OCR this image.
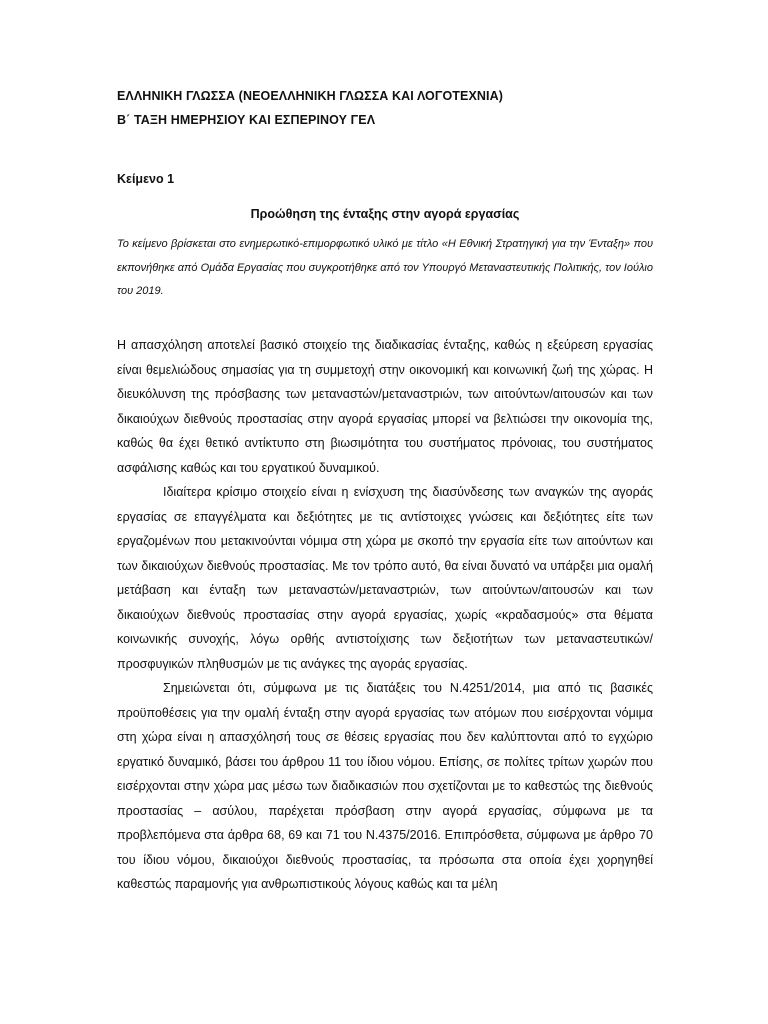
ΕΛΛΗΝΙΚΗ ΓΛΩΣΣΑ (ΝΕΟΕΛΛΗΝΙΚΗ ΓΛΩΣΣΑ ΚΑΙ ΛΟΓΟΤΕΧΝΙΑ)
Β΄ ΤΑΞΗ ΗΜΕΡΗΣΙΟΥ ΚΑΙ ΕΣΠΕΡΙΝΟΥ ΓΕΛ
Κείμενο 1
Προώθηση της ένταξης στην αγορά εργασίας
Το κείμενο βρίσκεται στο ενημερωτικό-επιμορφωτικό υλικό με τίτλο «Η Εθνική Στρατηγική για την Ένταξη» που εκπονήθηκε από Ομάδα Εργασίας που συγκροτήθηκε από τον Υπουργό Μεταναστευτικής Πολιτικής, τον Ιούλιο του 2019.

Η απασχόληση αποτελεί βασικό στοιχείο της διαδικασίας ένταξης, καθώς η εξεύρεση εργασίας είναι θεμελιώδους σημασίας για τη συμμετοχή στην οικονομική και κοινωνική ζωή της χώρας. Η διευκόλυνση της πρόσβασης των μεταναστών/μεταναστριών, των αιτούντων/αιτουσών και των δικαιούχων διεθνούς προστασίας στην αγορά εργασίας μπορεί να βελτιώσει την οικονομία της, καθώς θα έχει θετικό αντίκτυπο στη βιωσιμότητα του συστήματος πρόνοιας, του συστήματος ασφάλισης καθώς και του εργατικού δυναμικού.

Ιδιαίτερα κρίσιμο στοιχείο είναι η ενίσχυση της διασύνδεσης των αναγκών της αγοράς εργασίας σε επαγγέλματα και δεξιότητες με τις αντίστοιχες γνώσεις και δεξιότητες είτε των εργαζομένων που μετακινούνται νόμιμα στη χώρα με σκοπό την εργασία είτε των αιτούντων και των δικαιούχων διεθνούς προστασίας. Με τον τρόπο αυτό, θα είναι δυνατό να υπάρξει μια ομαλή μετάβαση και ένταξη των μεταναστών/μεταναστριών, των αιτούντων/αιτουσών και των δικαιούχων διεθνούς προστασίας στην αγορά εργασίας, χωρίς «κραδασμούς» στα θέματα κοινωνικής συνοχής, λόγω ορθής αντιστοίχισης των δεξιοτήτων των μεταναστευτικών/προσφυγικών πληθυσμών με τις ανάγκες της αγοράς εργασίας.

Σημειώνεται ότι, σύμφωνα με τις διατάξεις του Ν.4251/2014, μια από τις βασικές προϋποθέσεις για την ομαλή ένταξη στην αγορά εργασίας των ατόμων που εισέρχονται νόμιμα στη χώρα είναι η απασχόλησή τους σε θέσεις εργασίας που δεν καλύπτονται από το εγχώριο εργατικό δυναμικό, βάσει του άρθρου 11 του ίδιου νόμου. Επίσης, σε πολίτες τρίτων χωρών που εισέρχονται στην χώρα μας μέσω των διαδικασιών που σχετίζονται με το καθεστώς της διεθνούς προστασίας – ασύλου, παρέχεται πρόσβαση στην αγορά εργασίας, σύμφωνα με τα προβλεπόμενα στα άρθρα 68, 69 και 71 του Ν.4375/2016. Επιπρόσθετα, σύμφωνα με άρθρο 70 του ίδιου νόμου, δικαιούχοι διεθνούς προστασίας, τα πρόσωπα στα οποία έχει χορηγηθεί καθεστώς παραμονής για ανθρωπιστικούς λόγους καθώς και τα μέλη
